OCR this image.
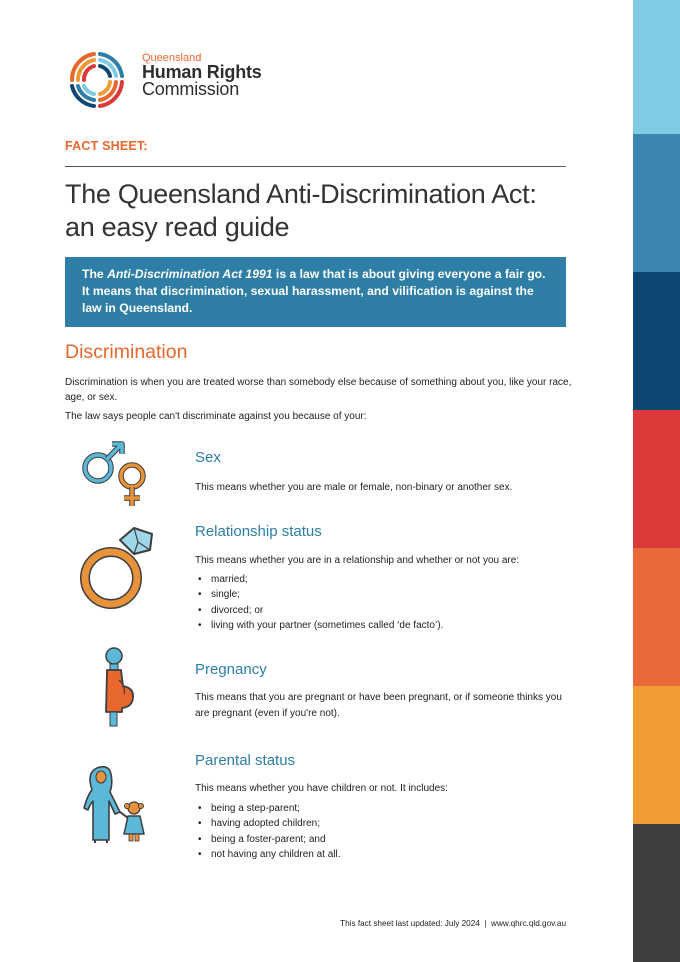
Queensland
Human Rights
Commission
FACT SHEET:
The Queensland Anti-Discrimination Act:
an easy read guide
The Anti-Discrimination Act 1991 is a law that is about giving everyone a fair go. It means that discrimination, sexual harassment, and vilification is against the law in Queensland.
Discrimination
Discrimination is when you are treated worse than somebody else because of something about you, like your race, age, or sex.
The law says people can't discriminate against you because of your:
Sex
This means whether you are male or female, non-binary or another sex.
Relationship status
This means whether you are in a relationship and whether or not you are:
• married;
• single;
• divorced; or
• living with your partner (sometimes called ‘de facto’).
Pregnancy
This means that you are pregnant or have been pregnant, or if someone thinks you are pregnant (even if you're not).
Parental status
This means whether you have children or not. It includes:
• being a step-parent;
• having adopted children;
• being a foster-parent; and
• not having any children at all.
This fact sheet last updated: July 2024  |  www.qhrc.qld.gov.au
